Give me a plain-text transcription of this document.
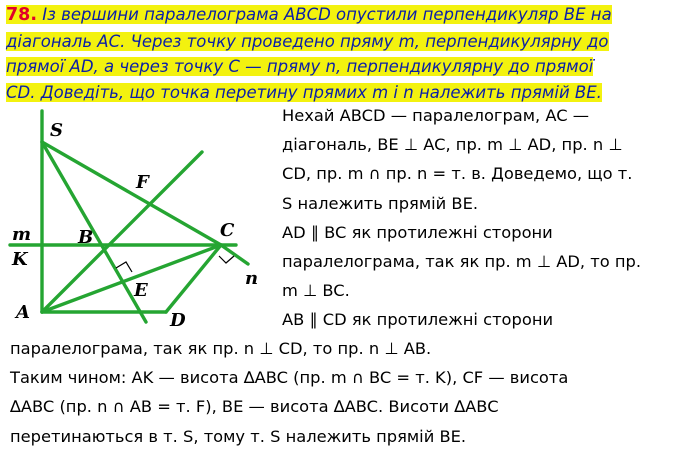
78. Із вершини паралелограма ABCD опустили перпендикуляр BE на
діагональ AC. Через точку проведено пряму m, перпендикулярну до
прямої AD, а через точку C — пряму n, перпендикулярну до прямої
CD. Доведіть, що точка перетину прямих m і n належить прямій BE.
S
F
m
K
B	C
E
n
A	D
Нехай ABCD — паралелограм, AC —
діагональ, BE ⊥ AC, пр. m ⊥ AD, пр. n ⊥
CD, пр. m ∩ пр. n = т. в. Доведемо, що т.
S належить прямій BE.
AD ∥ BC як протилежні сторони
паралелограма, так як пр. m ⊥ AD, то пр.
m ⊥ BC.
AB ∥ CD як протилежні сторони
паралелограма, так як пр. n ⊥ CD, то пр. n ⊥ AB.
Таким чином: AK — висота ∆ABC (пр. m ∩ BC = т. K), CF — висота
∆ABC (пр. n ∩ AB = т. F), BE — висота ∆ABC. Висоти ∆ABC
перетинаються в т. S, тому т. S належить прямій BE.
